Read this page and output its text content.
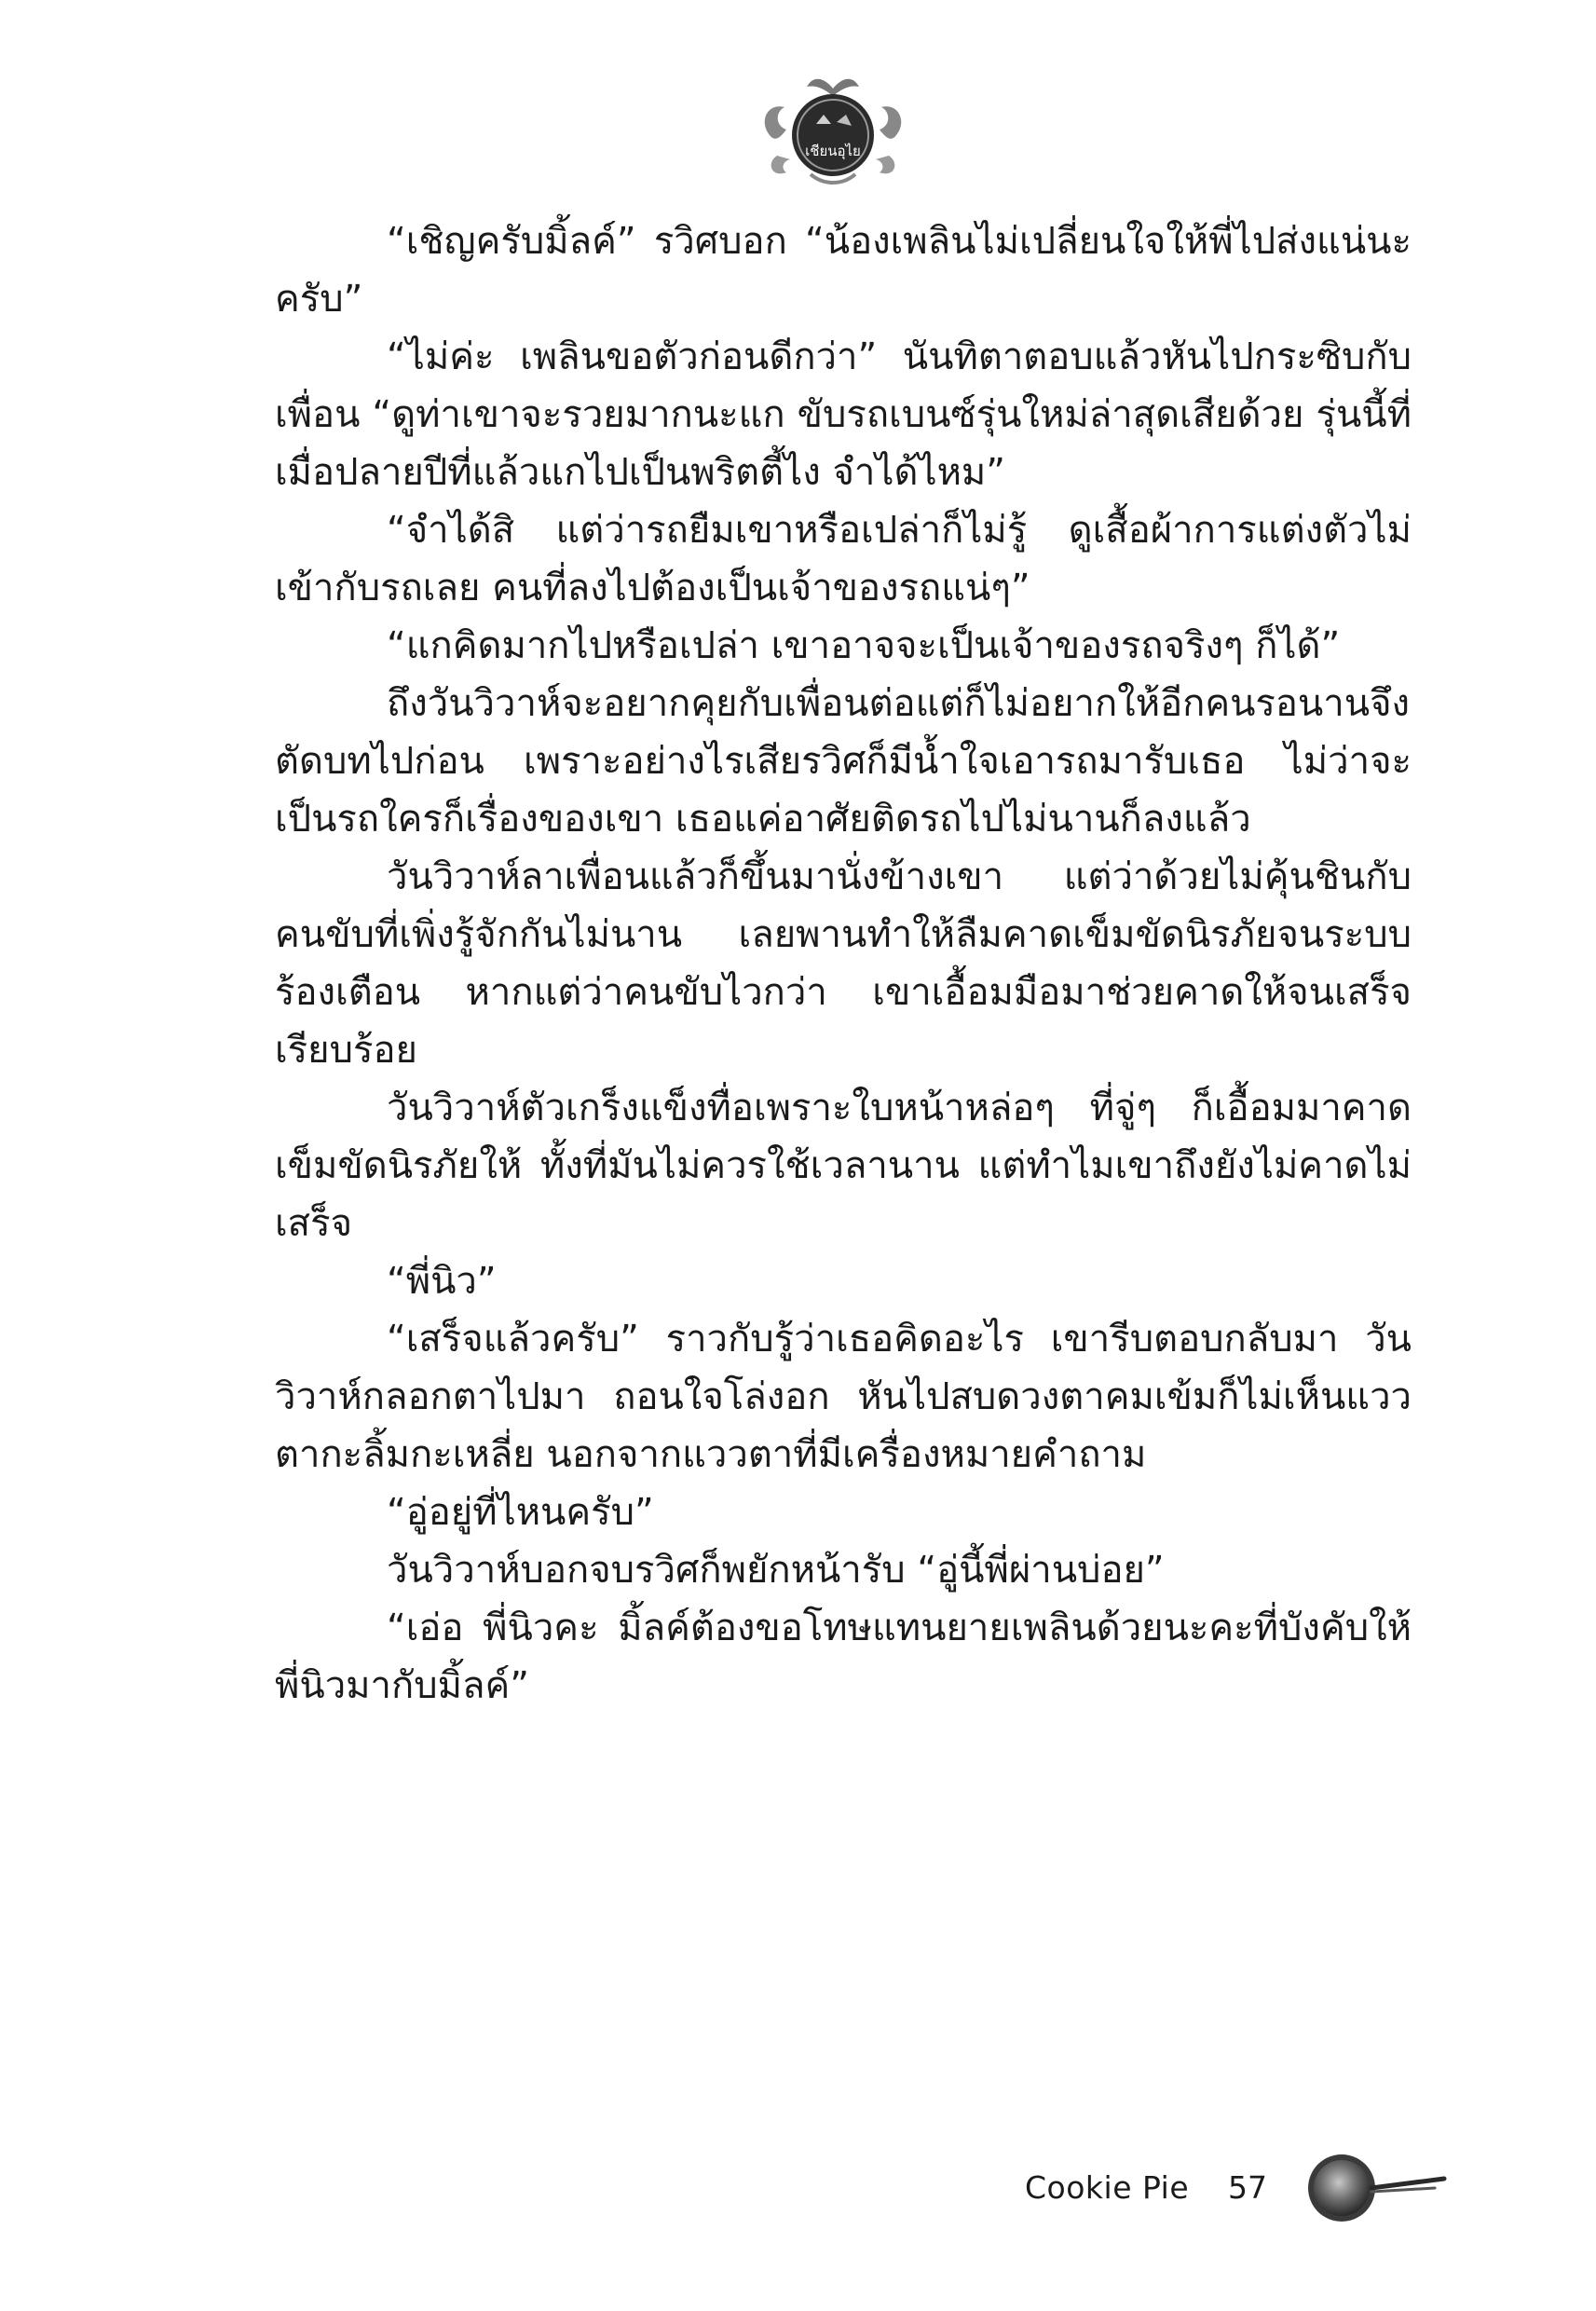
เชียนอุไย

“เชิญครับมิ้ลค์” รวิศบอก “น้องเพลินไม่เปลี่ยนใจให้พี่ไปส่งแน่นะครับ”

“ไม่ค่ะ เพลินขอตัวก่อนดีกว่า” นันทิตาตอบแล้วหันไปกระซิบกับเพื่อน “ดูท่าเขาจะรวยมากนะแก ขับรถเบนซ์รุ่นใหม่ล่าสุดเสียด้วย รุ่นนี้ที่เมื่อปลายปีที่แล้วแกไปเป็นพริตตี้ไง จำได้ไหม”

“จำได้สิ แต่ว่ารถยืมเขาหรือเปล่าก็ไม่รู้ ดูเสื้อผ้าการแต่งตัวไม่เข้ากับรถเลย คนที่ลงไปต้องเป็นเจ้าของรถแน่ๆ”

“แกคิดมากไปหรือเปล่า เขาอาจจะเป็นเจ้าของรถจริงๆ ก็ได้”

ถึงวันวิวาห์จะอยากคุยกับเพื่อนต่อแต่ก็ไม่อยากให้อีกคนรอนานจึงตัดบทไปก่อน เพราะอย่างไรเสียรวิศก็มีน้ำใจเอารถมารับเธอ ไม่ว่าจะเป็นรถใครก็เรื่องของเขา เธอแค่อาศัยติดรถไปไม่นานก็ลงแล้ว

วันวิวาห์ลาเพื่อนแล้วก็ขึ้นมานั่งข้างเขา แต่ว่าด้วยไม่คุ้นชินกับคนขับที่เพิ่งรู้จักกันไม่นาน เลยพานทำให้ลืมคาดเข็มขัดนิรภัยจนระบบร้องเตือน หากแต่ว่าคนขับไวกว่า เขาเอื้อมมือมาช่วยคาดให้จนเสร็จเรียบร้อย

วันวิวาห์ตัวเกร็งแข็งทื่อเพราะใบหน้าหล่อๆ ที่จู่ๆ ก็เอื้อมมาคาดเข็มขัดนิรภัยให้ ทั้งที่มันไม่ควรใช้เวลานาน แต่ทำไมเขาถึงยังไม่คาดไม่เสร็จ

“พี่นิว”

“เสร็จแล้วครับ” ราวกับรู้ว่าเธอคิดอะไร เขารีบตอบกลับมา วันวิวาห์กลอกตาไปมา ถอนใจโล่งอก หันไปสบดวงตาคมเข้มก็ไม่เห็นแววตากะลิ้มกะเหลี่ย นอกจากแววตาที่มีเครื่องหมายคำถาม

“อู่อยู่ที่ไหนครับ”

วันวิวาห์บอกจบรวิศก็พยักหน้ารับ “อู่นี้พี่ผ่านบ่อย”

“เอ่อ พี่นิวคะ มิ้ลค์ต้องขอโทษแทนยายเพลินด้วยนะคะที่บังคับให้พี่นิวมากับมิ้ลค์”

Cookie Pie 57
